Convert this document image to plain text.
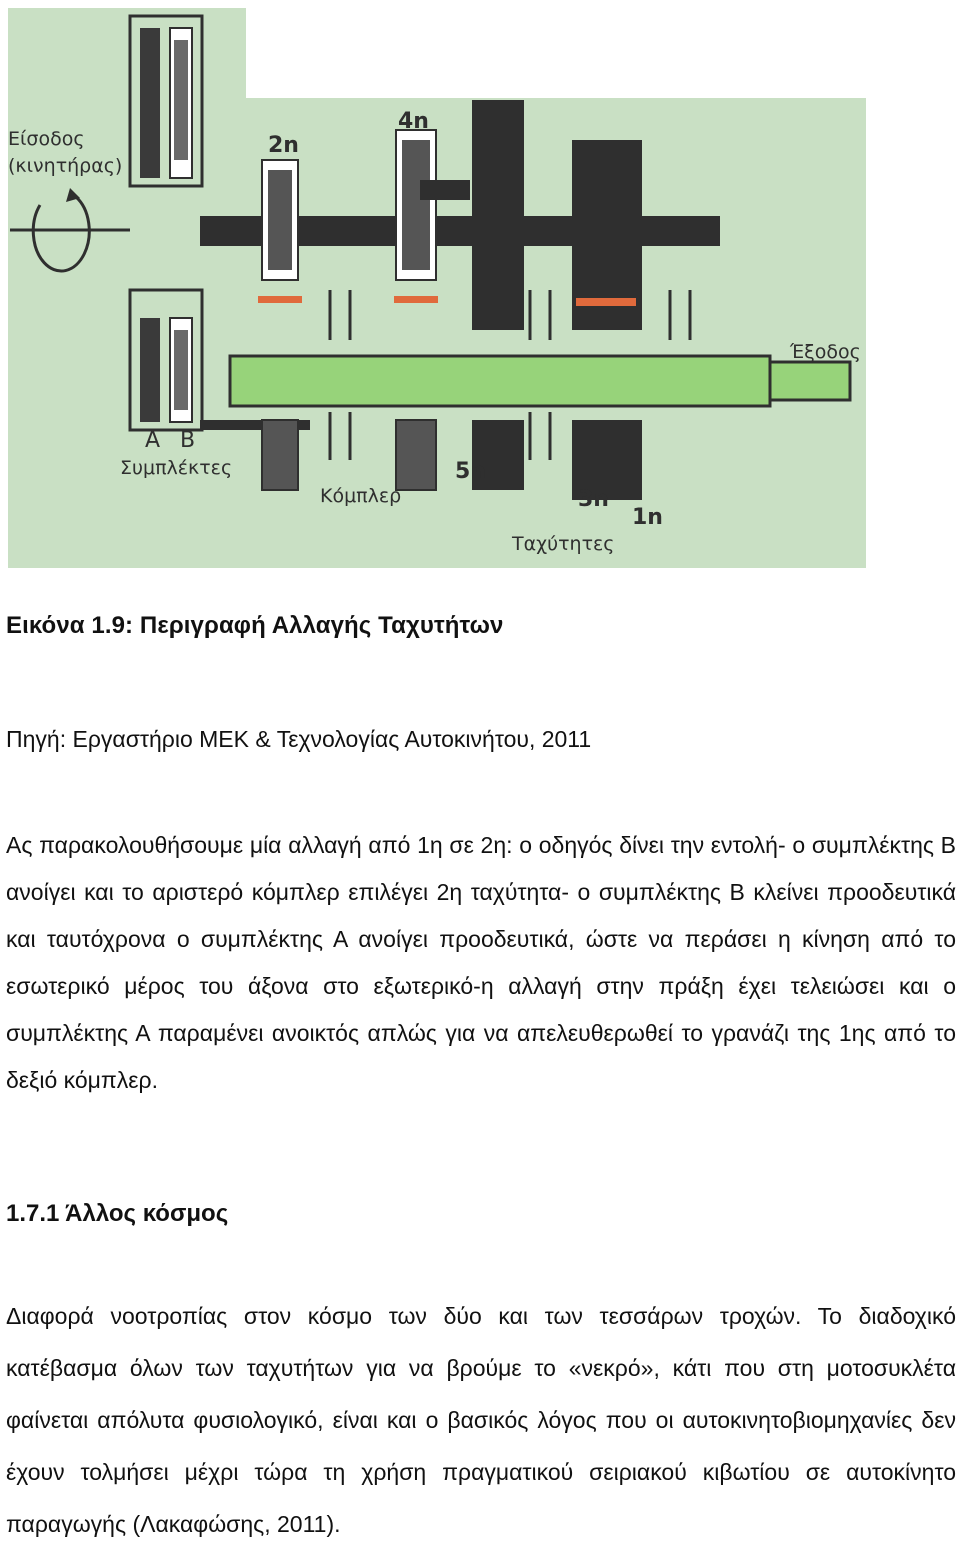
Είσοδος
(κινητήρας)
2n
4n
Έξοδος
A B
Συμπλέκτες
Κόμπλερ
5n
3n
1n
Ταχύτητες
Εικόνα 1.9: Περιγραφή Αλλαγής Ταχυτήτων
Πηγή: Εργαστήριο ΜΕΚ & Τεχνολογίας Αυτοκινήτου, 2011
Ας παρακολουθήσουμε μία αλλαγή από 1η σε 2η: ο οδηγός δίνει την εντολή- ο συμπλέκτης Β ανοίγει και το αριστερό κόμπλερ επιλέγει 2η ταχύτητα- ο συμπλέκτης Β κλείνει προοδευτικά και ταυτόχρονα ο συμπλέκτης Α ανοίγει προοδευτικά, ώστε να περάσει η κίνηση από το εσωτερικό μέρος του άξονα στο εξωτερικό-η αλλαγή στην πράξη έχει τελειώσει και ο συμπλέκτης Α παραμένει ανοικτός απλώς για να απελευθερωθεί το γρανάζι της 1ης από το δεξιό κόμπλερ.
1.7.1 Άλλος κόσμος
Διαφορά νοοτροπίας στον κόσμο των δύο και των τεσσάρων τροχών. Το διαδοχικό κατέβασμα όλων των ταχυτήτων για να βρούμε το «νεκρό», κάτι που στη μοτοσυκλέτα φαίνεται απόλυτα φυσιολογικό, είναι και ο βασικός λόγος που οι αυτοκινητοβιομηχανίες δεν έχουν τολμήσει μέχρι τώρα τη χρήση πραγματικού σειριακού κιβωτίου σε αυτοκίνητο παραγωγής (Λακαφώσης, 2011).
